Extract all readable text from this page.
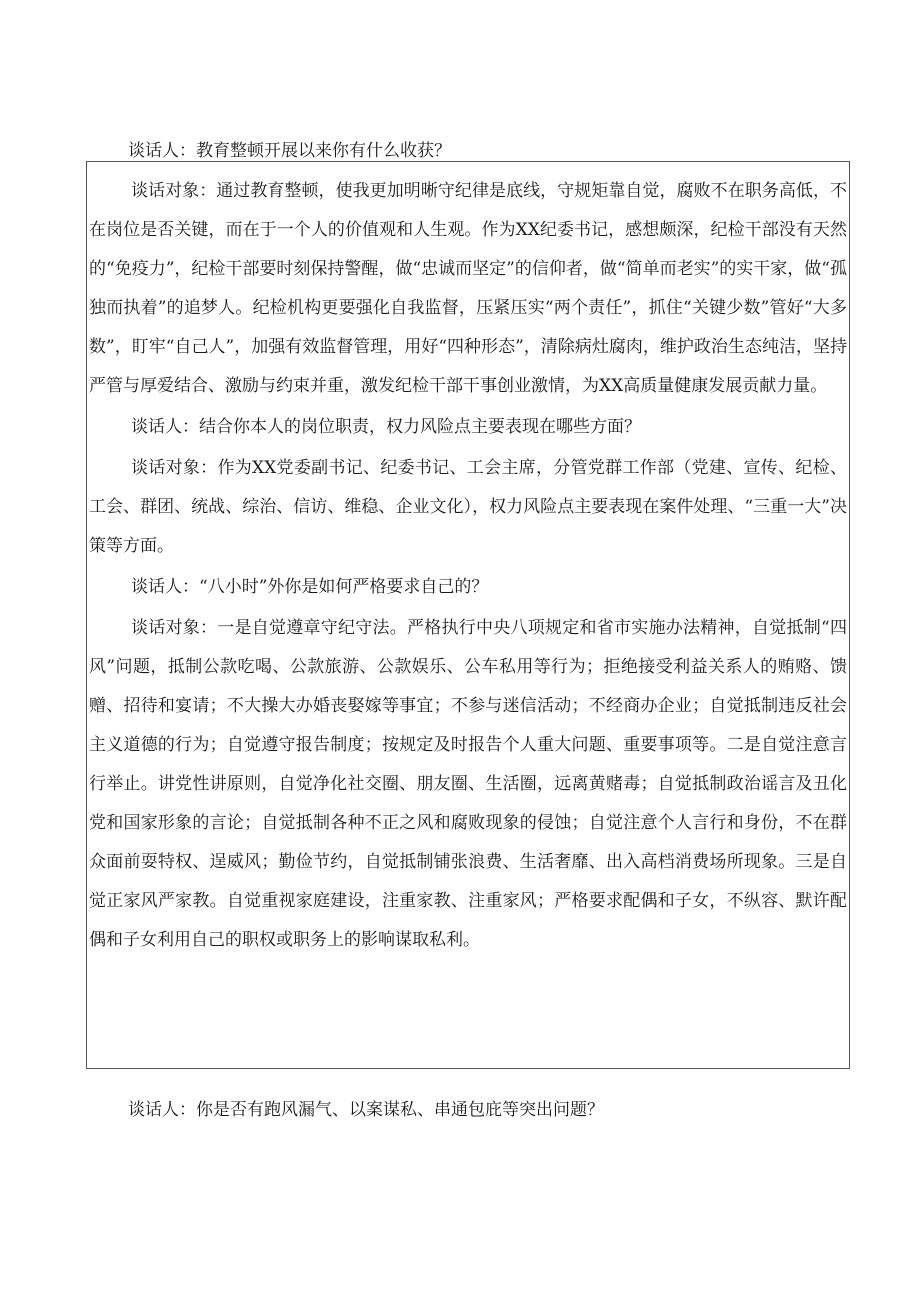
谈话人：教育整顿开展以来你有什么收获？

谈话对象：通过教育整顿，使我更加明晰守纪律是底线，守规矩靠自觉，腐败不在职务高低，不在岗位是否关键，而在于一个人的价值观和人生观。作为XX纪委书记，感想颇深，纪检干部没有天然的“免疫力”，纪检干部要时刻保持警醒，做“忠诚而坚定”的信仰者，做“简单而老实”的实干家，做“孤独而执着”的追梦人。纪检机构更要强化自我监督，压紧压实“两个责任”，抓住“关键少数”管好“大多数”，盯牢“自己人”，加强有效监督管理，用好“四种形态”，清除病灶腐肉，维护政治生态纯洁，坚持严管与厚爱结合、激励与约束并重，激发纪检干部干事创业激情，为XX高质量健康发展贡献力量。

谈话人：结合你本人的岗位职责，权力风险点主要表现在哪些方面？

谈话对象：作为XX党委副书记、纪委书记、工会主席，分管党群工作部（党建、宣传、纪检、工会、群团、统战、综治、信访、维稳、企业文化），权力风险点主要表现在案件处理、“三重一大”决策等方面。

谈话人：“八小时”外你是如何严格要求自己的？

谈话对象：一是自觉遵章守纪守法。严格执行中央八项规定和省市实施办法精神，自觉抵制“四风”问题，抵制公款吃喝、公款旅游、公款娱乐、公车私用等行为；拒绝接受利益关系人的贿赂、馈赠、招待和宴请；不大操大办婚丧娶嫁等事宜；不参与迷信活动；不经商办企业；自觉抵制违反社会主义道德的行为；自觉遵守报告制度；按规定及时报告个人重大问题、重要事项等。二是自觉注意言行举止。讲党性讲原则，自觉净化社交圈、朋友圈、生活圈，远离黄赌毒；自觉抵制政治谣言及丑化党和国家形象的言论；自觉抵制各种不正之风和腐败现象的侵蚀；自觉注意个人言行和身份，不在群众面前耍特权、逞威风；勤俭节约，自觉抵制铺张浪费、生活奢靡、出入高档消费场所现象。三是自觉正家风严家教。自觉重视家庭建设，注重家教、注重家风；严格要求配偶和子女，不纵容、默许配偶和子女利用自己的职权或职务上的影响谋取私利。

谈话人：你是否有跑风漏气、以案谋私、串通包庇等突出问题？
